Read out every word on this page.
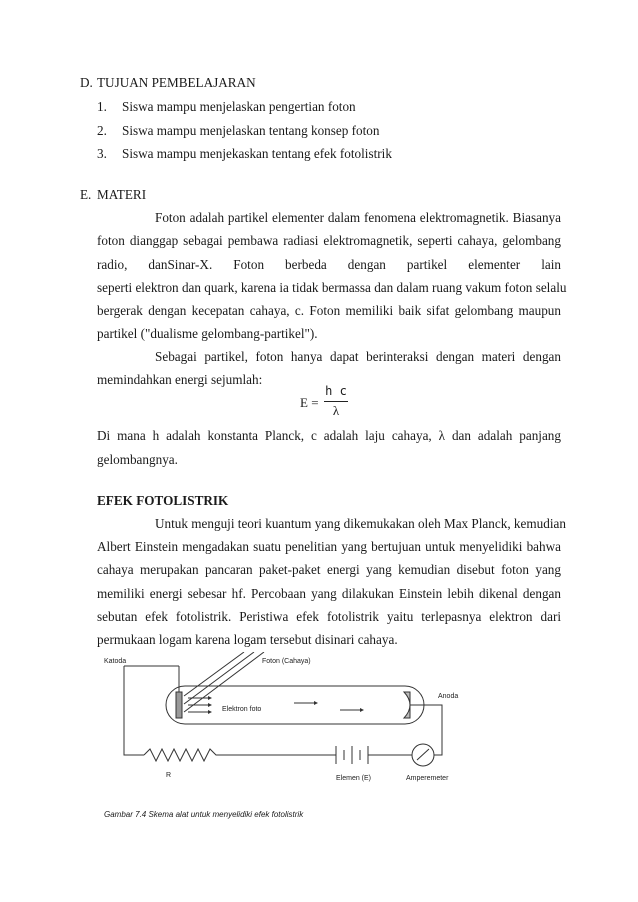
D. TUJUAN PEMBELAJARAN
1. Siswa mampu menjelaskan pengertian foton
2. Siswa mampu menjelaskan tentang konsep foton
3. Siswa mampu menjekaskan tentang efek fotolistrik
E. MATERI
Foton adalah partikel elementer dalam fenomena elektromagnetik. Biasanya
foton dianggap sebagai pembawa radiasi elektromagnetik, seperti cahaya, gelombang
radio, danSinar-X. Foton berbeda dengan partikel elementer lain
seperti elektron dan quark, karena ia tidak bermassa dan dalam ruang vakum foton selalu
bergerak dengan kecepatan cahaya, c. Foton memiliki baik sifat gelombang maupun
partikel ("dualisme gelombang-partikel").
Sebagai partikel, foton hanya dapat berinteraksi dengan materi dengan
memindahkan energi sejumlah:
E =
h c
λ
Di mana h adalah konstanta Planck, c adalah laju cahaya, λ dan adalah panjang
gelombangnya.
EFEK FOTOLISTRIK
Untuk menguji teori kuantum yang dikemukakan oleh Max Planck, kemudian
Albert Einstein mengadakan suatu penelitian yang bertujuan untuk menyelidiki bahwa
cahaya merupakan pancaran paket-paket energi yang kemudian disebut foton yang
memiliki energi sebesar hf. Percobaan yang dilakukan Einstein lebih dikenal dengan
sebutan efek fotolistrik. Peristiwa efek fotolistrik yaitu terlepasnya elektron dari
permukaan logam karena logam tersebut disinari cahaya.
Katoda	Foton (Cahaya)
Elektron foto
Anoda
R	Elemen (E)	Amperemeter
Gambar 7.4 Skema alat untuk menyelidiki efek fotolistrik
